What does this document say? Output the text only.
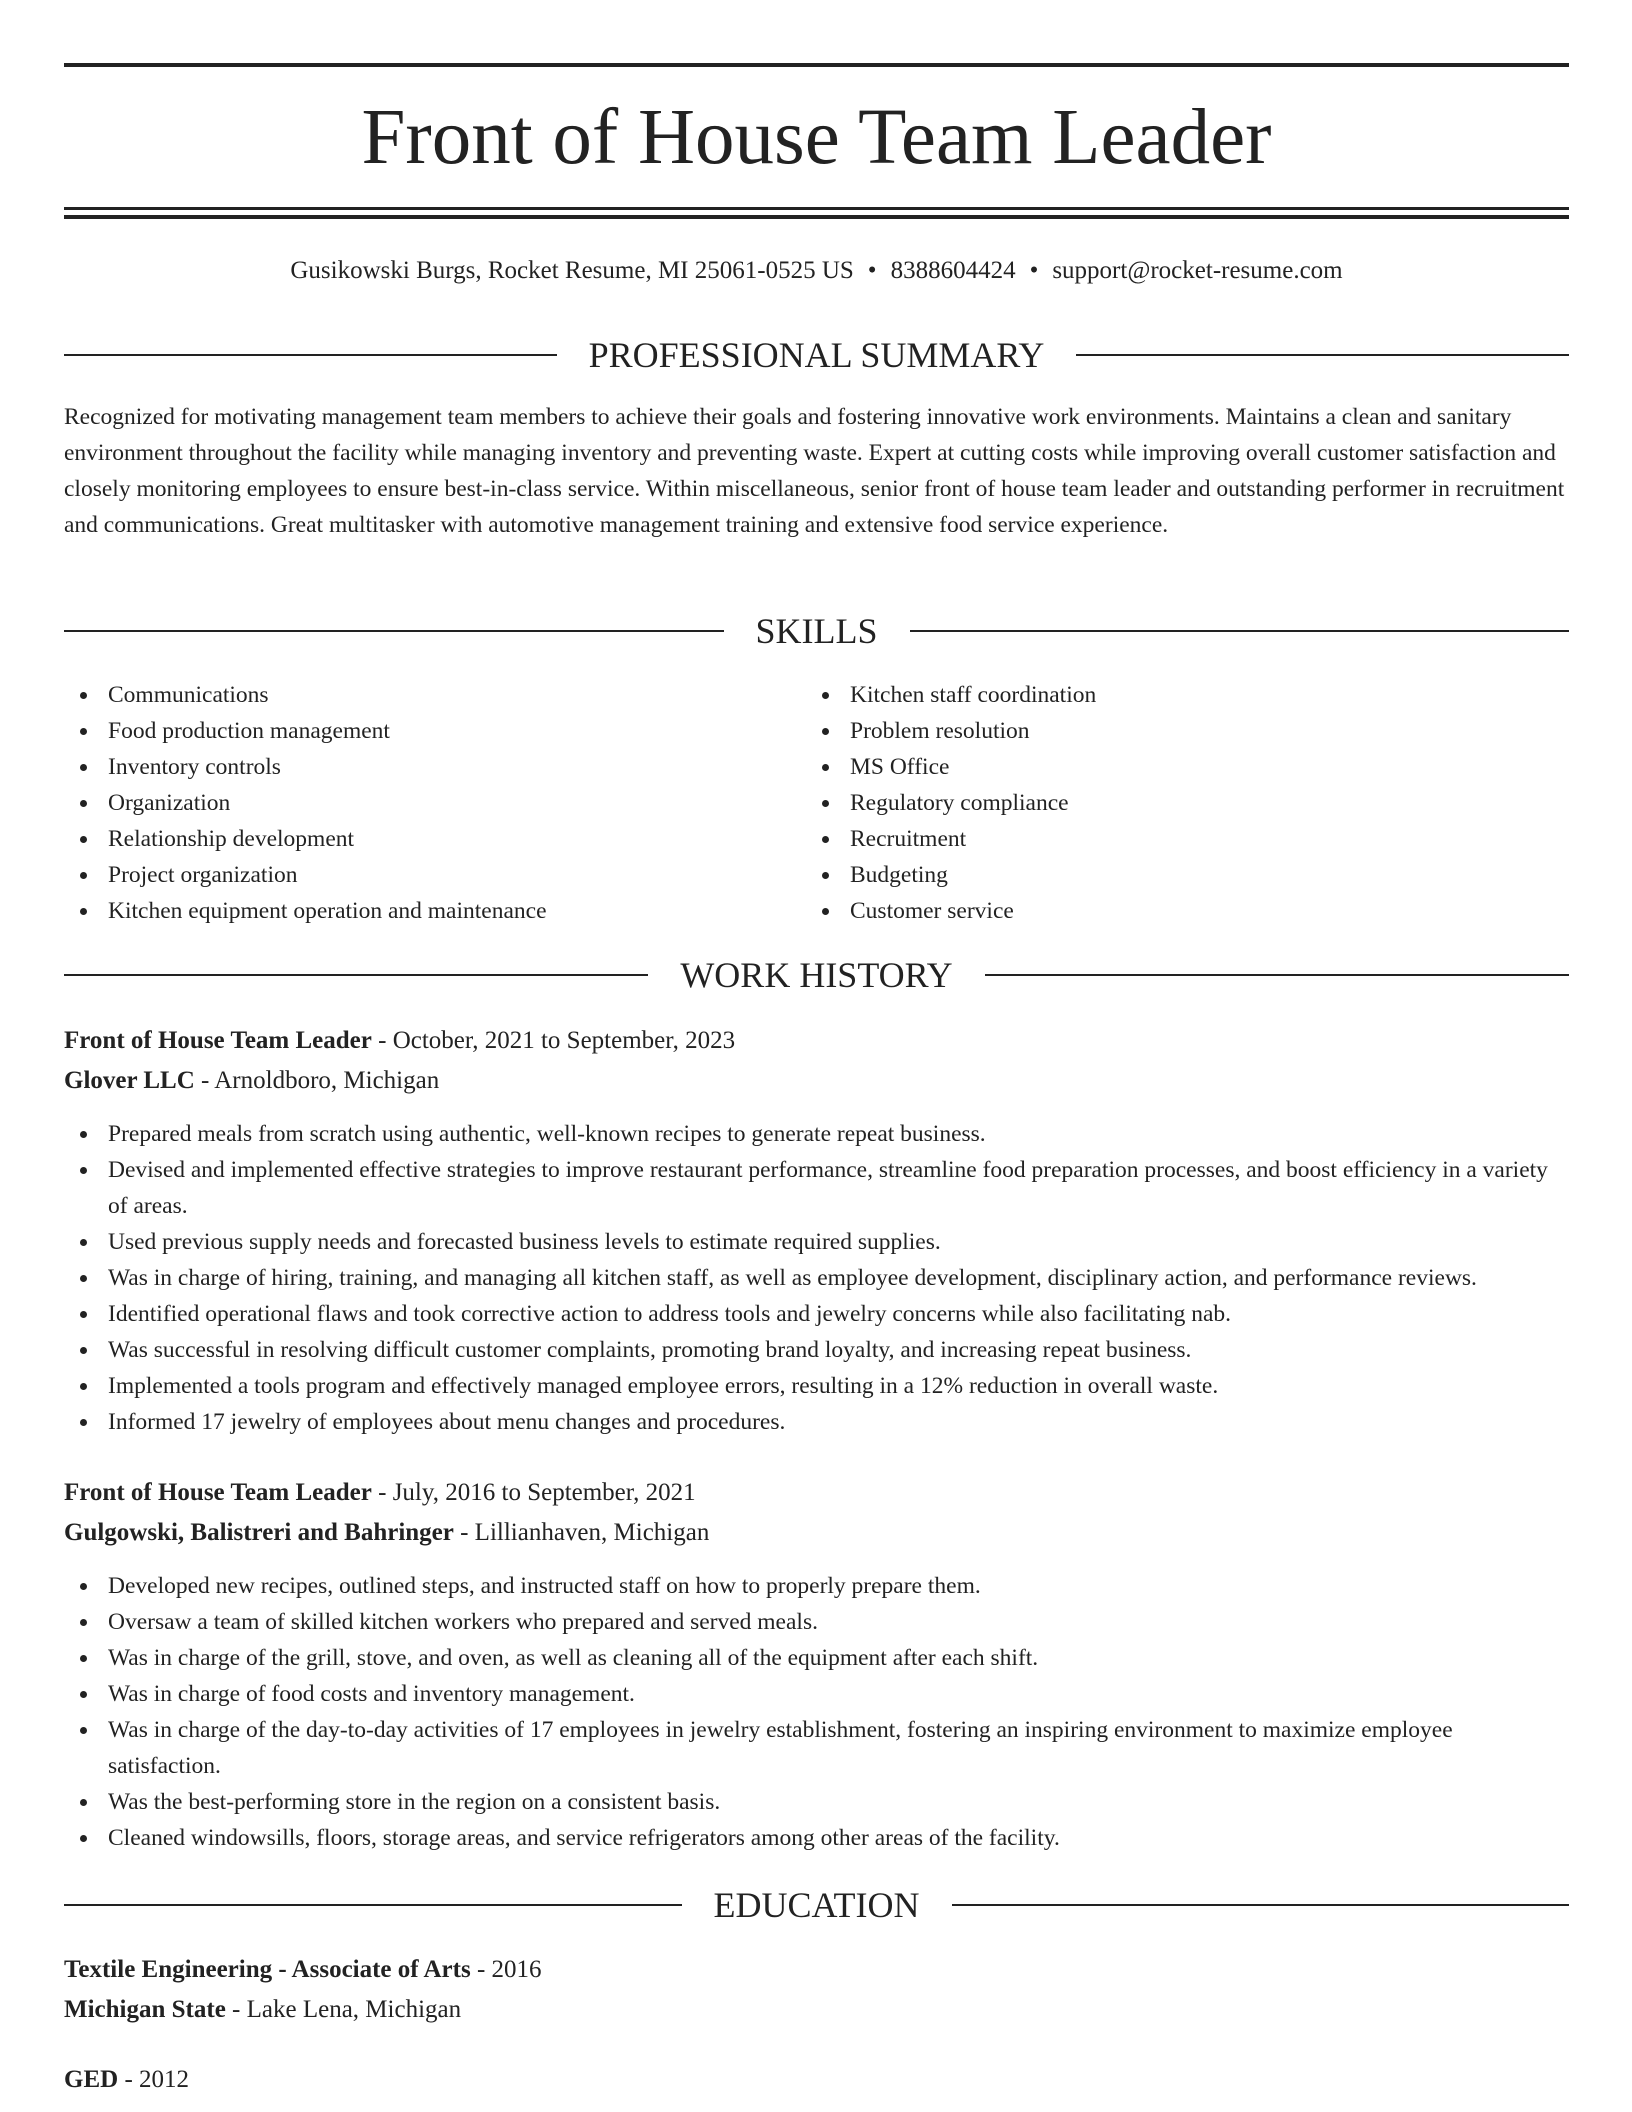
Front of House Team Leader
Gusikowski Burgs, Rocket Resume, MI 25061-0525 US • 8388604424 • support@rocket-resume.com
PROFESSIONAL SUMMARY

Recognized for motivating management team members to achieve their goals and fostering innovative work environments. Maintains a clean and sanitary environment throughout the facility while managing inventory and preventing waste. Expert at cutting costs while improving overall customer satisfaction and closely monitoring employees to ensure best-in-class service. Within miscellaneous, senior front of house team leader and outstanding performer in recruitment and communications. Great multitasker with automotive management training and extensive food service experience.

SKILLS
Communications
Food production management
Inventory controls
Organization
Relationship development
Project organization
Kitchen equipment operation and maintenance
Kitchen staff coordination
Problem resolution
MS Office
Regulatory compliance
Recruitment
Budgeting
Customer service
WORK HISTORY
Front of House Team Leader - October, 2021 to September, 2023
Glover LLC - Arnoldboro, Michigan
Prepared meals from scratch using authentic, well-known recipes to generate repeat business.
Devised and implemented effective strategies to improve restaurant performance, streamline food preparation processes, and boost efficiency in a variety of areas.
Used previous supply needs and forecasted business levels to estimate required supplies.
Was in charge of hiring, training, and managing all kitchen staff, as well as employee development, disciplinary action, and performance reviews.
Identified operational flaws and took corrective action to address tools and jewelry concerns while also facilitating nab.
Was successful in resolving difficult customer complaints, promoting brand loyalty, and increasing repeat business.
Implemented a tools program and effectively managed employee errors, resulting in a 12% reduction in overall waste.
Informed 17 jewelry of employees about menu changes and procedures.
Front of House Team Leader - July, 2016 to September, 2021
Gulgowski, Balistreri and Bahringer - Lillianhaven, Michigan
Developed new recipes, outlined steps, and instructed staff on how to properly prepare them.
Oversaw a team of skilled kitchen workers who prepared and served meals.
Was in charge of the grill, stove, and oven, as well as cleaning all of the equipment after each shift.
Was in charge of food costs and inventory management.
Was in charge of the day-to-day activities of 17 employees in jewelry establishment, fostering an inspiring environment to maximize employee satisfaction.
Was the best-performing store in the region on a consistent basis.
Cleaned windowsills, floors, storage areas, and service refrigerators among other areas of the facility.
EDUCATION
Textile Engineering - Associate of Arts - 2016
Michigan State - Lake Lena, Michigan
GED - 2012
